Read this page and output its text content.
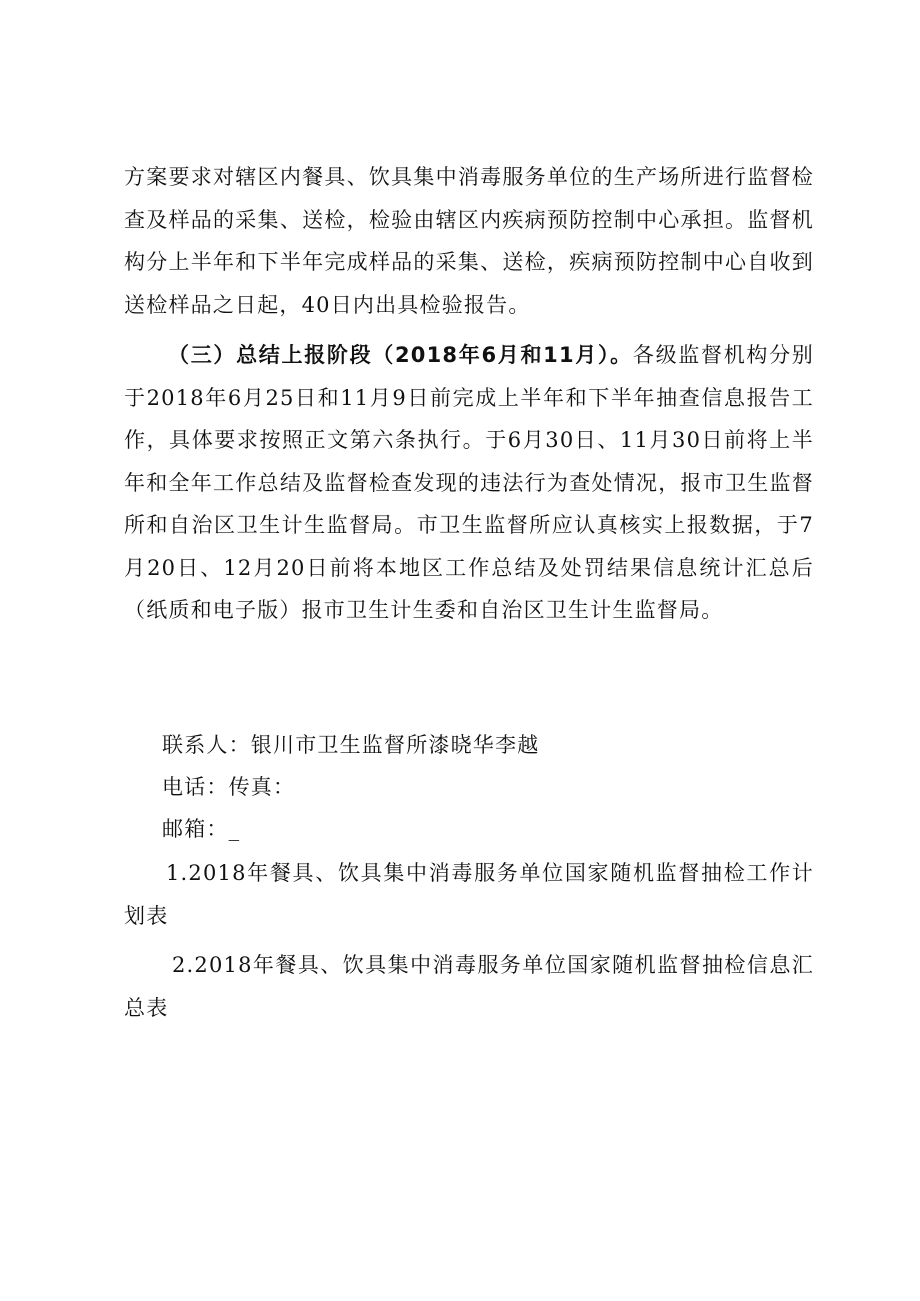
方案要求对辖区内餐具、饮具集中消毒服务单位的生产场所进行监督检查及样品的采集、送检，检验由辖区内疾病预防控制中心承担。监督机构分上半年和下半年完成样品的采集、送检，疾病预防控制中心自收到送检样品之日起，40日内出具检验报告。

（三）总结上报阶段（2018年6月和11月）。各级监督机构分别于2018年6月25日和11月9日前完成上半年和下半年抽查信息报告工作，具体要求按照正文第六条执行。于6月30日、11月30日前将上半年和全年工作总结及监督检查发现的违法行为查处情况，报市卫生监督所和自治区卫生计生监督局。市卫生监督所应认真核实上报数据，于7月20日、12月20日前将本地区工作总结及处罚结果信息统计汇总后（纸质和电子版）报市卫生计生委和自治区卫生计生监督局。

联系人：银川市卫生监督所漆晓华李越

电话：传真：

邮箱：_

1.2018年餐具、饮具集中消毒服务单位国家随机监督抽检工作计划表

2.2018年餐具、饮具集中消毒服务单位国家随机监督抽检信息汇总表
